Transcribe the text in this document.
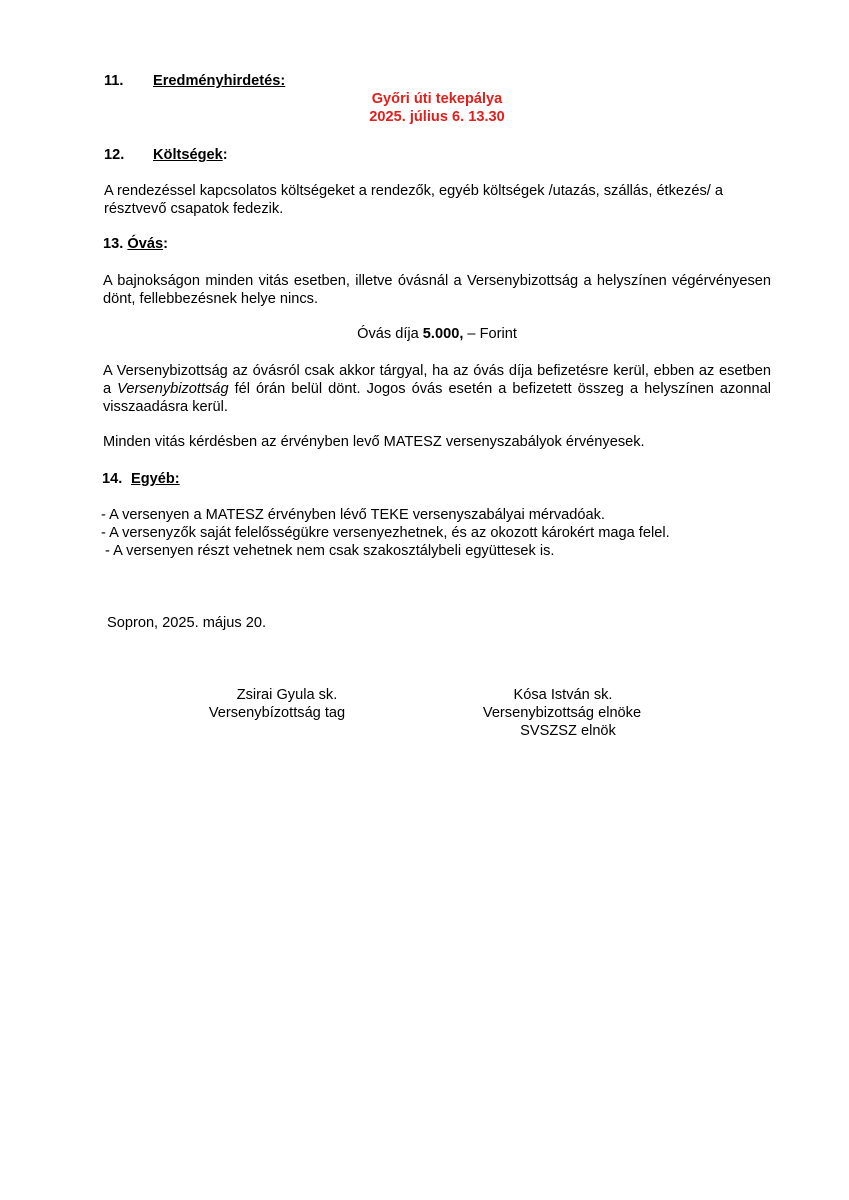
11. Eredményhirdetés:
Győri úti tekepálya
2025. július 6. 13.30
12. Költségek:
A rendezéssel kapcsolatos költségeket a rendezők, egyéb költségek /utazás, szállás, étkezés/ a résztvevő csapatok fedezik.
13. Óvás:
A bajnokságon minden vitás esetben, illetve óvásnál a Versenybizottság a helyszínen végérvényesen dönt, fellebbezésnek helye nincs.
Óvás díja 5.000, – Forint
A Versenybizottság az óvásról csak akkor tárgyal, ha az óvás díja befizetésre kerül, ebben az esetben a Versenybizottság fél órán belül dönt. Jogos óvás esetén a befizetett összeg a helyszínen azonnal visszaadásra kerül.
Minden vitás kérdésben az érvényben levő MATESZ versenyszabályok érvényesek.
14. Egyéb:
- A versenyen a MATESZ érvényben lévő TEKE versenyszabályai mérvadóak.
- A versenyzők saját felelősségükre versenyezhetnek, és az okozott károkért maga felel.
- A versenyen részt vehetnek nem csak szakosztálybeli együttesek is.
Sopron, 2025. május 20.
Zsirai Gyula sk.
Versenybízottság tag
Kósa István sk.
Versenybizottság elnöke
SVSZSZ elnök
